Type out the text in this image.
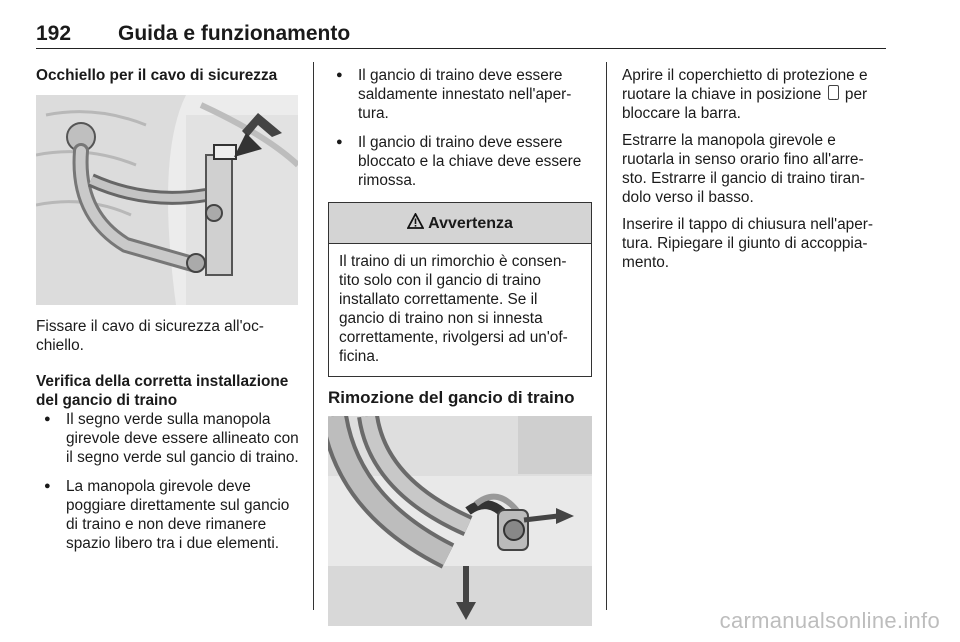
192 Guida e funzionamento

Occhiello per il cavo di sicurezza

Fissare il cavo di sicurezza all'oc-chiello.

Verifica della corretta installazione del gancio di traino

● Il segno verde sulla manopola girevole deve essere allineato con il segno verde sul gancio di traino.
● La manopola girevole deve poggiare direttamente sul gancio di traino e non deve rimanere spazio libero tra i due elementi.
● Il gancio di traino deve essere saldamente innestato nell'aper-tura.
● Il gancio di traino deve essere bloccato e la chiave deve essere rimossa.
Avvertenza
Il traino di un rimorchio è consen-tito solo con il gancio di traino installato correttamente. Se il gancio di traino non si innesta correttamente, rivolgersi ad un'of-ficina.

Rimozione del gancio di traino

Aprire il coperchietto di protezione e ruotare la chiave in posizione per bloccare la barra.

Estrarre la manopola girevole e ruotarla in senso orario fino all'arre-sto. Estrarre il gancio di traino tiran-dolo verso il basso.

Inserire il tappo di chiusura nell'aper-tura. Ripiegare il giunto di accoppia-mento.

carmanualsonline.info
